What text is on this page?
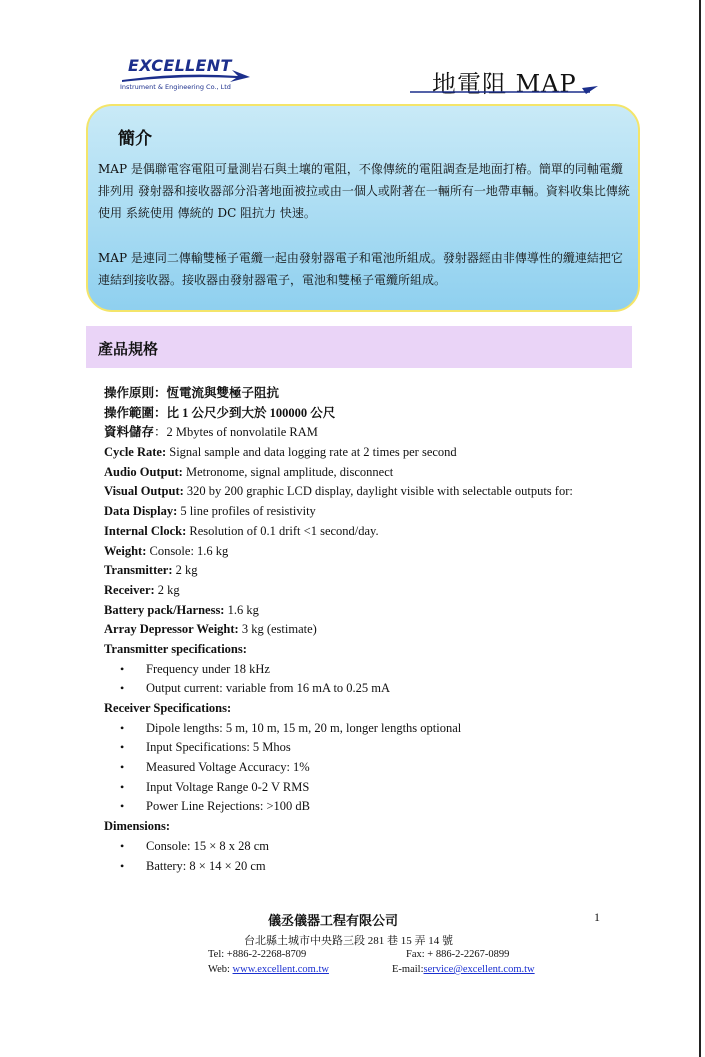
EXCELLENT
Instrument & Engineering Co., Ltd	地電阻 MAP
簡介

MAP 是偶聯電容電阻可量測岩石與土壤的電阻，不像傳統的電阻調查是地面打樁。簡單的同軸電纜排列用 發射器和接收器部分沿著地面被拉或由一個人或附著在一輛所有一地帶車輛。資料收集比傳統使用 系統使用 傳統的 DC 阻抗力 快速。

MAP 是連同二傳輸雙極子電纜一起由發射器電子和電池所組成。發射器經由非傳導性的纜連結把它連結到接收器。接收器由發射器電子，電池和雙極子電纜所組成。

產品規格
操作原則：恆電流與雙極子阻抗
操作範圍：比 1 公尺少到大於 100000 公尺
資料儲存：2 Mbytes of nonvolatile RAM
Cycle Rate: Signal sample and data logging rate at 2 times per second
Audio Output: Metronome, signal amplitude, disconnect
Visual Output: 320 by 200 graphic LCD display, daylight visible with selectable outputs for:
Data Display: 5 line profiles of resistivity
Internal Clock: Resolution of 0.1 drift <1 second/day.
Weight: Console: 1.6 kg
Transmitter: 2 kg
Receiver: 2 kg
Battery pack/Harness: 1.6 kg
Array Depressor Weight: 3 kg (estimate)
Transmitter specifications:
• Frequency under 18 kHz
• Output current: variable from 16 mA to 0.25 mA
Receiver Specifications:
• Dipole lengths: 5 m, 10 m, 15 m, 20 m, longer lengths optional
• Input Specifications: 5 Mhos
• Measured Voltage Accuracy: 1%
• Input Voltage Range 0-2 V RMS
• Power Line Rejections: >100 dB
Dimensions:
• Console: 15 × 8 x 28 cm
• Battery: 8 × 14 × 20 cm
儀丞儀器工程有限公司	1
台北縣土城市中央路三段 281 巷 15 弄 14 號
Tel: +886-2-2268-8709	Fax: + 886-2-2267-0899
Web: www.excellent.com.tw	E-mail:service@excellent.com.tw
